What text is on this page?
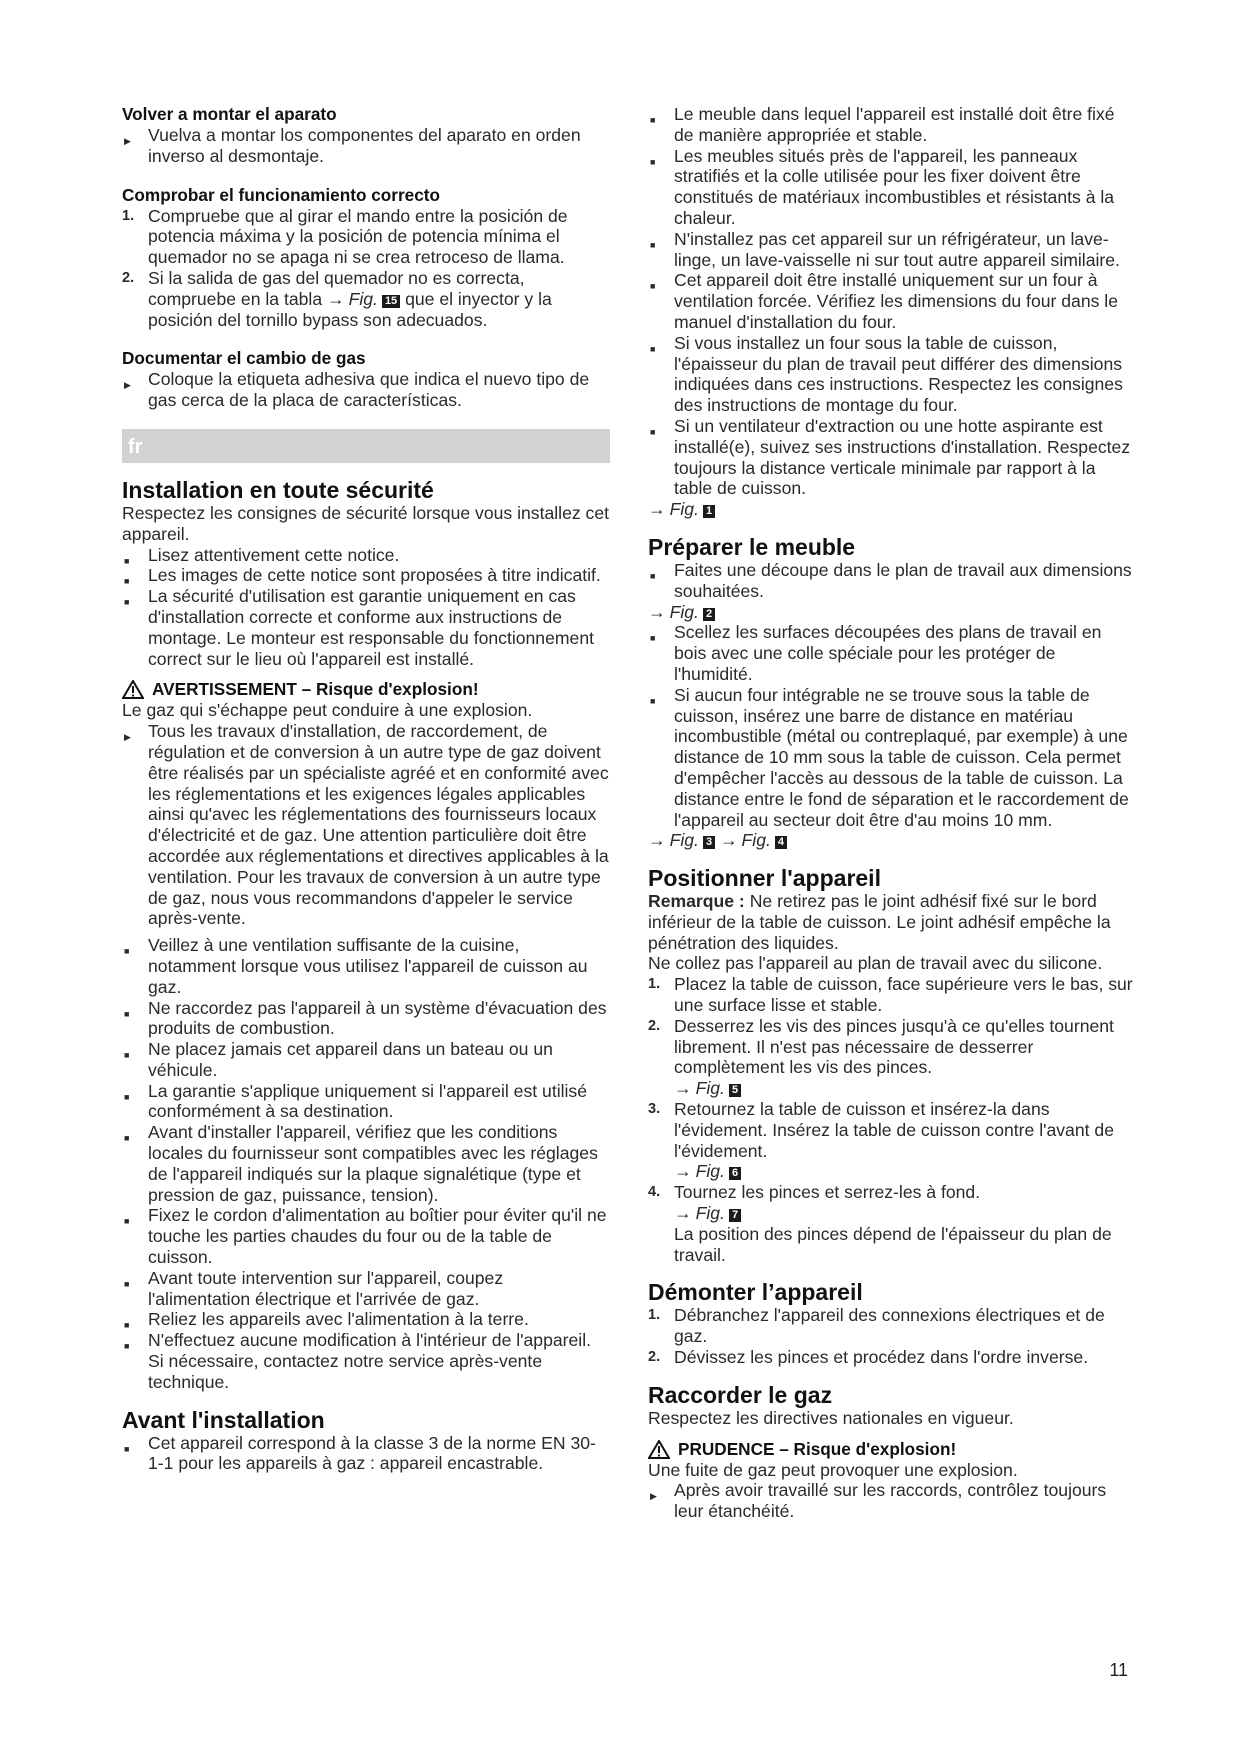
Volver a montar el aparato

▶ Vuelva a montar los componentes del aparato en orden inverso al desmontaje.

Comprobar el funcionamiento correcto

1. Compruebe que al girar el mando entre la posición de potencia máxima y la posición de potencia mínima el quemador no se apaga ni se crea retroceso de llama.
2. Si la salida de gas del quemador no es correcta, compruebe en la tabla → Fig. 15 que el inyector y la posición del tornillo bypass son adecuados.

Documentar el cambio de gas

▶ Coloque la etiqueta adhesiva que indica el nuevo tipo de gas cerca de la placa de características.
fr

Installation en toute sécurité

Respectez les consignes de sécurité lorsque vous installez cet appareil.

■ Lisez attentivement cette notice.
■ Les images de cette notice sont proposées à titre indicatif.
■ La sécurité d'utilisation est garantie uniquement en cas d'installation correcte et conforme aux instructions de montage. Le monteur est responsable du fonctionnement correct sur le lieu où l'appareil est installé.
AVERTISSEMENT – Risque d'explosion!

Le gaz qui s'échappe peut conduire à une explosion.

▶ Tous les travaux d'installation, de raccordement, de régulation et de conversion à un autre type de gaz doivent être réalisés par un spécialiste agréé et en conformité avec les réglementations et les exigences légales applicables ainsi qu'avec les réglementations des fournisseurs locaux d'électricité et de gaz. Une attention particulière doit être accordée aux réglementations et directives applicables à la ventilation. Pour les travaux de conversion à un autre type de gaz, nous vous recommandons d'appeler le service après-vente.
■ Veillez à une ventilation suffisante de la cuisine, notamment lorsque vous utilisez l'appareil de cuisson au gaz.
■ Ne raccordez pas l'appareil à un système d'évacuation des produits de combustion.
■ Ne placez jamais cet appareil dans un bateau ou un véhicule.
■ La garantie s'applique uniquement si l'appareil est utilisé conformément à sa destination.
■ Avant d'installer l'appareil, vérifiez que les conditions locales du fournisseur sont compatibles avec les réglages de l'appareil indiqués sur la plaque signalétique (type et pression de gaz, puissance, tension).
■ Fixez le cordon d'alimentation au boîtier pour éviter qu'il ne touche les parties chaudes du four ou de la table de cuisson.
■ Avant toute intervention sur l'appareil, coupez l'alimentation électrique et l'arrivée de gaz.
■ Reliez les appareils avec l'alimentation à la terre.
■ N'effectuez aucune modification à l'intérieur de l'appareil. Si nécessaire, contactez notre service après-vente technique.

Avant l'installation

■ Cet appareil correspond à la classe 3 de la norme EN 30-1-1 pour les appareils à gaz : appareil encastrable.
■ Le meuble dans lequel l'appareil est installé doit être fixé de manière appropriée et stable.
■ Les meubles situés près de l'appareil, les panneaux stratifiés et la colle utilisée pour les fixer doivent être constitués de matériaux incombustibles et résistants à la chaleur.
■ N'installez pas cet appareil sur un réfrigérateur, un lave-linge, un lave-vaisselle ni sur tout autre appareil similaire.
■ Cet appareil doit être installé uniquement sur un four à ventilation forcée. Vérifiez les dimensions du four dans le manuel d'installation du four.
■ Si vous installez un four sous la table de cuisson, l'épaisseur du plan de travail peut différer des dimensions indiquées dans ces instructions. Respectez les consignes des instructions de montage du four.
■ Si un ventilateur d'extraction ou une hotte aspirante est installé(e), suivez ses instructions d'installation. Respectez toujours la distance verticale minimale par rapport à la table de cuisson.

→ Fig. 1

Préparer le meuble

■ Faites une découpe dans le plan de travail aux dimensions souhaitées.

→ Fig. 2

■ Scellez les surfaces découpées des plans de travail en bois avec une colle spéciale pour les protéger de l'humidité.
■ Si aucun four intégrable ne se trouve sous la table de cuisson, insérez une barre de distance en matériau incombustible (métal ou contreplaqué, par exemple) à une distance de 10 mm sous la table de cuisson. Cela permet d'empêcher l'accès au dessous de la table de cuisson. La distance entre le fond de séparation et le raccordement de l'appareil au secteur doit être d'au moins 10 mm.

→ Fig. 3 → Fig. 4

Positionner l'appareil

Remarque : Ne retirez pas le joint adhésif fixé sur le bord inférieur de la table de cuisson. Le joint adhésif empêche la pénétration des liquides.

Ne collez pas l'appareil au plan de travail avec du silicone.

1. Placez la table de cuisson, face supérieure vers le bas, sur une surface lisse et stable.
2. Desserrez les vis des pinces jusqu'à ce qu'elles tournent librement. Il n'est pas nécessaire de desserrer complètement les vis des pinces.

→ Fig. 5

3. Retournez la table de cuisson et insérez-la dans l'évidement. Insérez la table de cuisson contre l'avant de l'évidement.

→ Fig. 6

4. Tournez les pinces et serrez-les à fond.

→ Fig. 7

La position des pinces dépend de l'épaisseur du plan de travail.

Démonter l’appareil

1. Débranchez l'appareil des connexions électriques et de gaz.
2. Dévissez les pinces et procédez dans l'ordre inverse.

Raccorder le gaz

Respectez les directives nationales en vigueur.

PRUDENCE – Risque d'explosion!

Une fuite de gaz peut provoquer une explosion.

▶ Après avoir travaillé sur les raccords, contrôlez toujours leur étanchéité.
11
